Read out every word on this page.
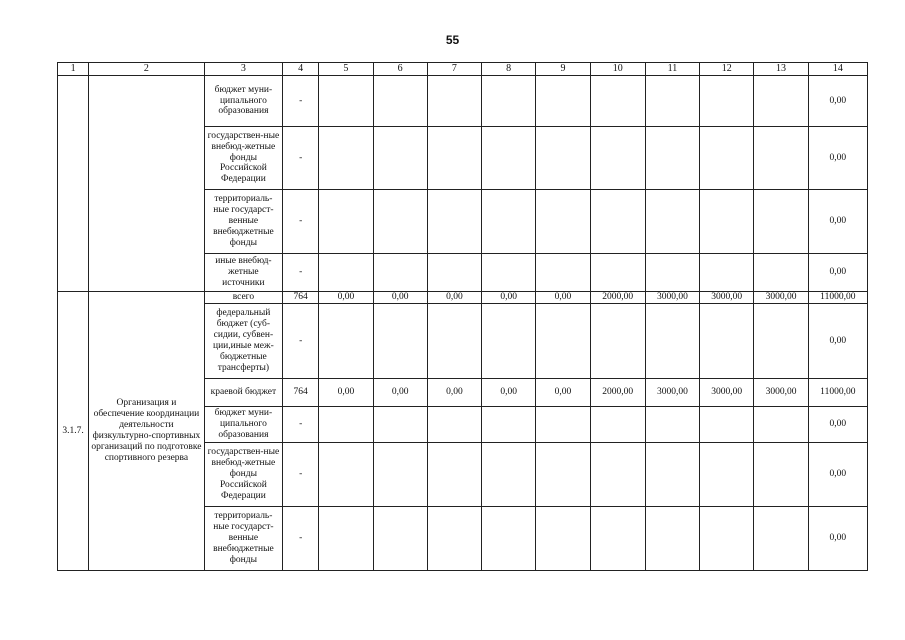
55
1	2	3	4	5	6	7	8	9	10	11	12	13	14
		бюджет муни-ципального образования	-										0,00
		государствен-ные внебюд-жетные фонды Российской Федерации	-										0,00
		территориаль-ные государст-венные внебюджетные фонды	-										0,00
		иные внебюд-жетные источники	-										0,00
3.1.7.	Организация и обеспечение координации деятельности физкультурно-спортивных организаций по подготовке спортивного резерва	всего	764	0,00	0,00	0,00	0,00	0,00	2000,00	3000,00	3000,00	3000,00	11000,00
		федеральный бюджет (суб-сидии, субвен-ции,иные меж-бюджетные трансферты)	-										0,00
		краевой бюджет	764	0,00	0,00	0,00	0,00	0,00	2000,00	3000,00	3000,00	3000,00	11000,00
		бюджет муни-ципального образования	-										0,00
		государствен-ные внебюд-жетные фонды Российской Федерации	-										0,00
		территориаль-ные государст-венные внебюджетные фонды	-										0,00
